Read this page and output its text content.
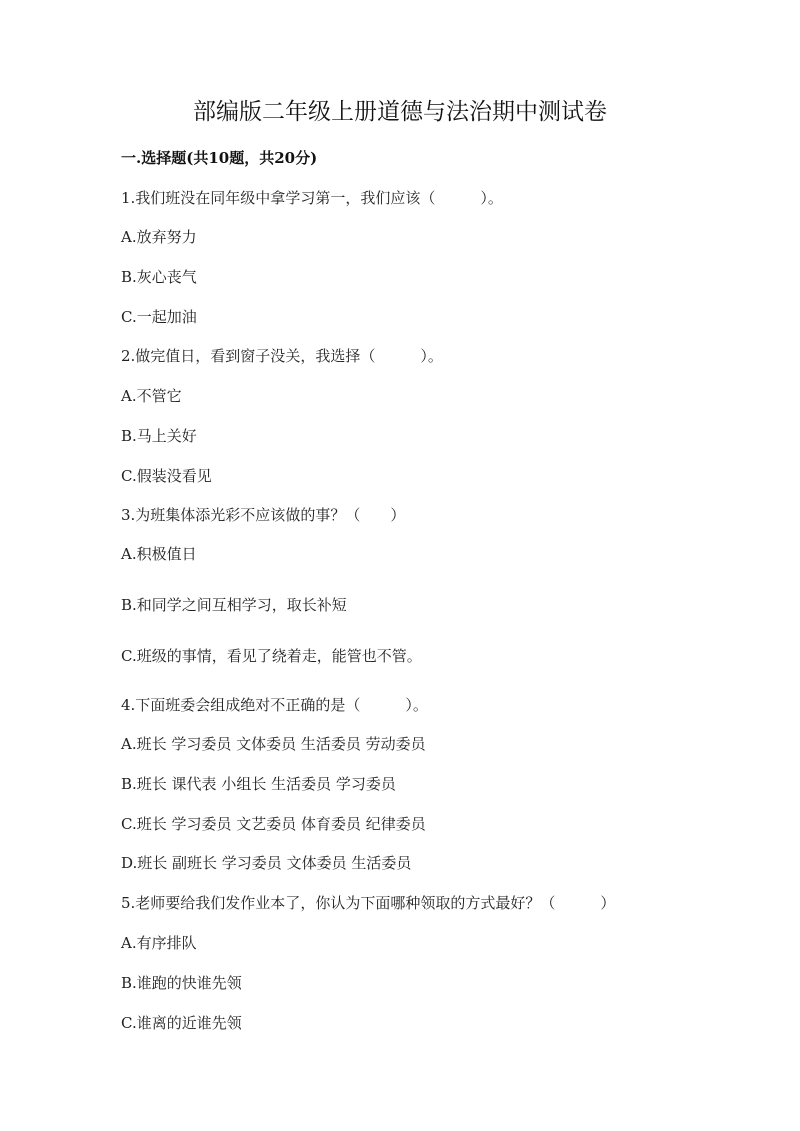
部编版二年级上册道德与法治期中测试卷
一.选择题(共10题，共20分)
1.我们班没在同年级中拿学习第一，我们应该（　　　）。
A.放弃努力
B.灰心丧气
C.一起加油
2.做完值日，看到窗子没关，我选择（　　　）。
A.不管它
B.马上关好
C.假装没看见
3.为班集体添光彩不应该做的事？（　　）
A.积极值日
B.和同学之间互相学习，取长补短
C.班级的事情，看见了绕着走，能管也不管。
4.下面班委会组成绝对不正确的是（　　　）。
A.班长 学习委员 文体委员 生活委员 劳动委员
B.班长 课代表 小组长 生活委员 学习委员
C.班长 学习委员 文艺委员 体育委员 纪律委员
D.班长 副班长 学习委员 文体委员 生活委员
5.老师要给我们发作业本了，你认为下面哪种领取的方式最好？（　　　）
A.有序排队
B.谁跑的快谁先领
C.谁离的近谁先领
